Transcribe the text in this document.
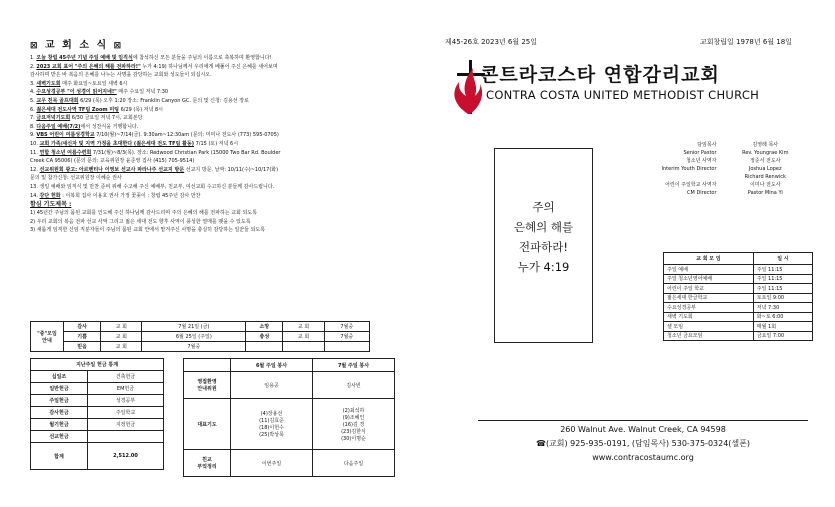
⊠ 교 회 소 식 ⊠
1. 오늘 창립 45주년 기념 주일 예배 및 임직식에 참석하신 모든 분들을 주님의 이름으로 축복하며 환영합니다!
2. 2023 교회 표어 "주의 은혜의 해를 전파하라!" 누가 4:19) 하나님께서 우리에게 베풀어 주신 은혜를 새어보며
감사하며 받은 바 복음의 은혜를 나누는 사명을 감당하는 교회와 성도들이 되십시오.
3. 새벽기도회 매주 화요일~토요일 새벽 6시
4. 수요성경공부 "이 성경이 읽어지네!" 매주 수요일 저녁 7:30
5. 교우 친목 골프대회 6/29 (목) 오후 1:20 장소: Franklin Canyon GC. 문의 및 신청: 김용선 장로
6. 젊은세대 전도사역 TF팀 Zoom 미팅 6/29 (목) 저녁 8시
7. 금요저녁기도회 6/30 금요일 저녁 7시, 교회본당
8. 다음주일 예배(7/2)에서 성찬식을 거행합니다.
9. VBS 어린이 여름성경학교 7/10(월)~7/14(금). 9:30am~12:30am (문의: 미미나 전도사 (773) 595-0705)
10. 교회 가족/새신자 및 지역 가정을 초대한다 (젊은세대 전도 TF팀 활동) 7/15 (토) 저녁 6시
11. 연합 청소년 여름수련회 7/31(월)~8/3(목). 장소: Redwood Christian Park (15000 Two Bar Rd. Boulder
Creek CA 95006) (문의 문의: 교육위원장 윤준영 집사 (415) 705-9514)
12. 선교위원회 광고: 아르헨티나 이영보 선교사 파라나주 선교지 방문 선교지 방문. 날짜: 10/11(수)~10/17(화)
문의 및 참가신청: 선교위원장 이혜순 권사
13. 생일 예배와 임직식 및 만찬 준비 위해 수고해 주신 예배부, 친교부, 여선교회 수고하신 분들께 감사드립니다.
14. 강단 헌화 : 이복희 집사 이용호 권사 가정 꽃꽂이 : 창립 45주년 감사 만찬
함심 기도제목 :
1) 45년간 주님의 몸된 교회를 인도해 주신 하나님께 감사드리며 주의 은혜의 해를 전파하는 교회 되도록
2) 우리 교회의 복음 전파 선교 사역 그리고 젊은 세대 전도 향후 사역이 풍성한 열매를 맺을 수 있도록
3) 새롭게 임직한 신임 직분자들이 주님의 몸된 교회 안에서 맡겨주신 사명을 충실히 감당하는 일꾼들 되도록
"중"모임
안내	감사	교 회	7월 21일 (금)	소망	교 회	7월중
	기쁨	교 회	6월 25일 (주일)	충성	교 회	7월중
	믿음	교 회	7월중			
지난주일 헌금 통계	
십일조	건축헌금
일반헌금	EM헌금
주일헌금	성경공부
감사헌금	주일학교
월기헌금	지정헌금
선교헌금	
합계	2,512.00
	6월 주일 봉사	7월 주일 봉사
영접환영
안내위원	임용공	김사빈
대표기도	(4)장용선
(11)김효준
(18)이헌수
(25)박상목	(2)최석하
(9)조혜인
(16)김 경
(23)김한식
(30)이명순
친교
부엌정리	이번주일	다음주일
제45-26호 2023년 6월 25일	교회창립일 1978년 6월 18일
콘트라코스타 연합감리교회
CONTRA COSTA UNITED METHODIST CHURCH
주의
은혜의 해를
전파하라!
누가 4:19
담임목사	김영래 목사
Senior Pastor	Rev. Youngrae Kim
청소년 사역자	정준서 전도사
Interim Youth Director	Joshua Lopez
Richard Renwick
어린이 주일학교 사역자	이미나 전도사
CM Director	Pastor Mina Yi
교 회 모 임	일 시
주일 예배	주일 11:15
주일 청소년영어예배	주일 11:15
어린이 주일 학교	주일 11:15
젊은세대 한글학교	토요일 9:00
수요성경공부	저녁 7:30
새벽 기도회	화~토 6:00
셀 모임	매월 1회
청소년 금요모임	금요일 7:00
260 Walnut Ave. Walnut Creek, CA 94598
☎(교회) 925-935-0191, (담임목사) 530-375-0324(셀폰)
www.contracostaumc.org
